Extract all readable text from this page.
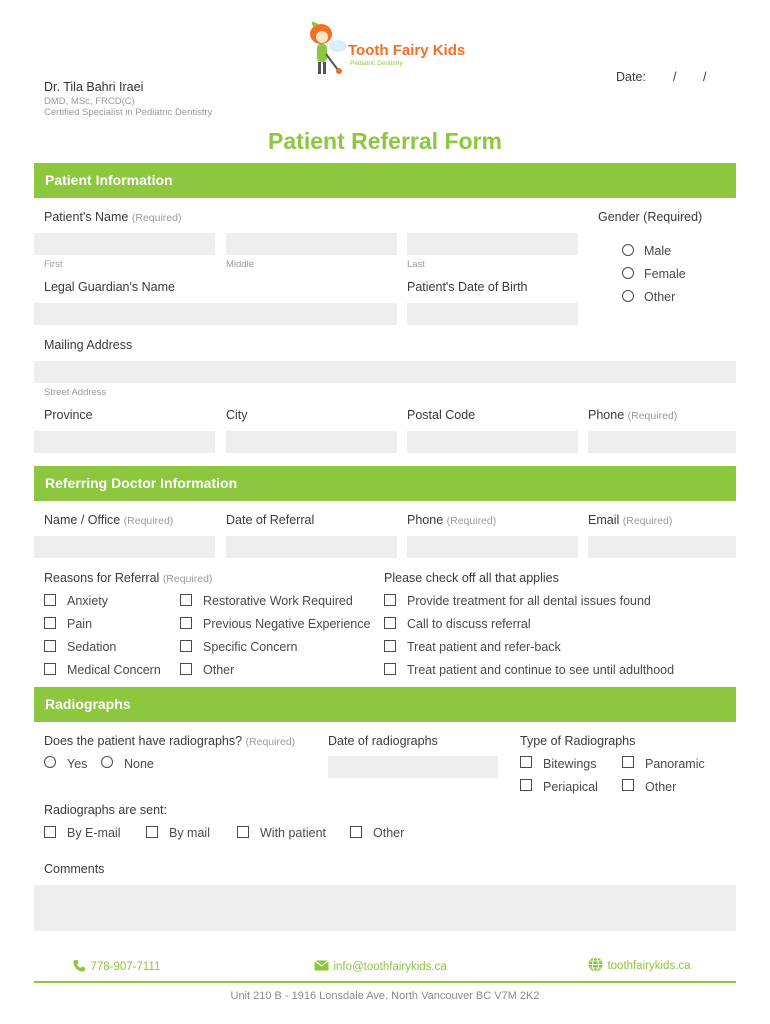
Tooth Fairy Kids
Pediatric Dentistry
Dr. Tila Bahri Iraei
DMD, MSc, FRCD(C)
Certified Specialist in Pediatric Dentistry
Date: / /
Patient Referral Form
Patient Information
Patient's Name (Required)	Gender (Required)
First	Middle	Last
Male
Female
Other
Legal Guardian's Name	Patient's Date of Birth
Mailing Address
Street Address
Province	City	Postal Code	Phone (Required)
Referring Doctor Information
Name / Office (Required)	Date of Referral	Phone (Required)	Email (Required)
Reasons for Referral (Required)	Please check off all that applies
Anxiety
Pain
Sedation
Medical Concern
Restorative Work Required
Previous Negative Experience
Specific Concern
Other
Provide treatment for all dental issues found
Call to discuss referral
Treat patient and refer-back
Treat patient and continue to see until adulthood
Radiographs
Does the patient have radiographs? (Required)	Date of radiographs	Type of Radiographs
Yes	None	Bitewings	Panoramic
Periapical	Other
Radiographs are sent:
By E-mail	By mail	With patient	Other
Comments
778-907-7111	info@toothfairykids.ca	toothfairykids.ca
Unit 210 B - 1916 Lonsdale Ave. North Vancouver BC V7M 2K2
